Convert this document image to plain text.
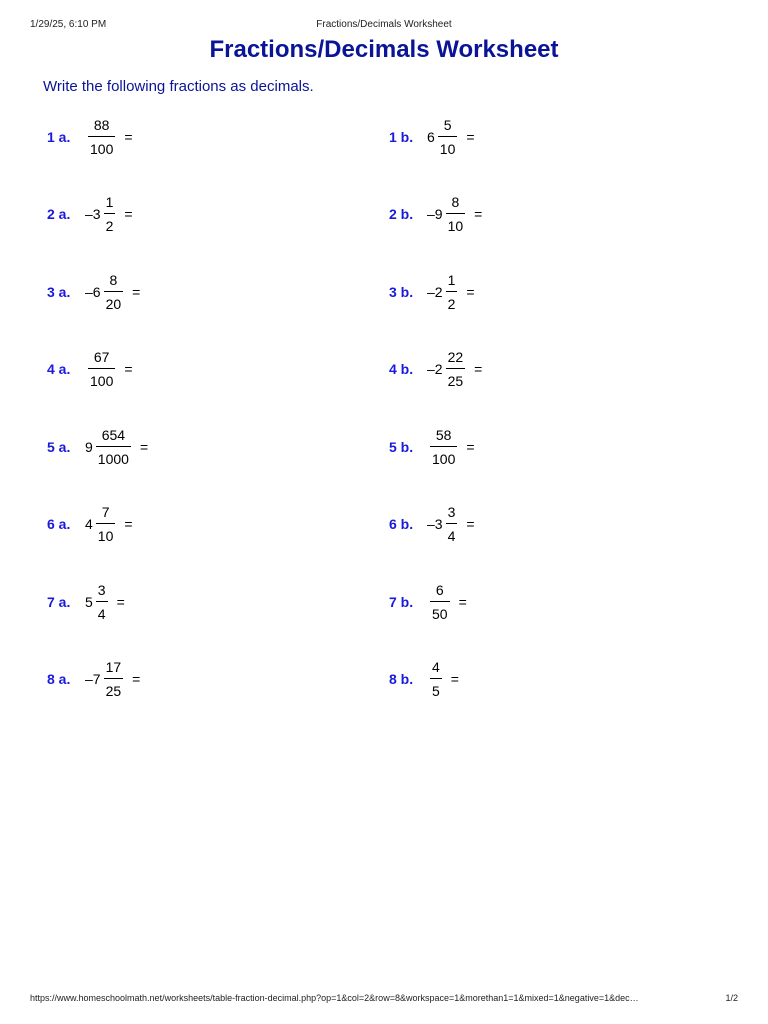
1/29/25, 6:10 PM	Fractions/Decimals Worksheet
Fractions/Decimals Worksheet
Write the following fractions as decimals.
1 a.	$\frac{88}{100}$ =	1 b. $6 \frac{5}{10}$ =
2 a.	$-3 \frac{1}{2}$ =	2 b. $-9 \frac{8}{10}$ =
3 a.	$-6 \frac{8}{20}$ =	3 b. $-2 \frac{1}{2}$ =
4 a.	$\frac{67}{100}$ =	4 b. $-2 \frac{22}{25}$ =
5 a.	$9 \frac{654}{1000}$ =	5 b.	$\frac{58}{100}$ =
6 a.	$4 \frac{7}{10}$ =	6 b. $-3 \frac{3}{4}$ =
7 a.	$5 \frac{3}{4}$ =	7 b.	$\frac{6}{50}$ =
8 a.	$-7 \frac{17}{25}$ =	8 b.	$\frac{4}{5}$ =
https://www.homeschoolmath.net/worksheets/table-fraction-decimal.php?op=1&col=2&row=8&workspace=1&morethan1=1&mixed=1&negative=1&dec…	1/2
